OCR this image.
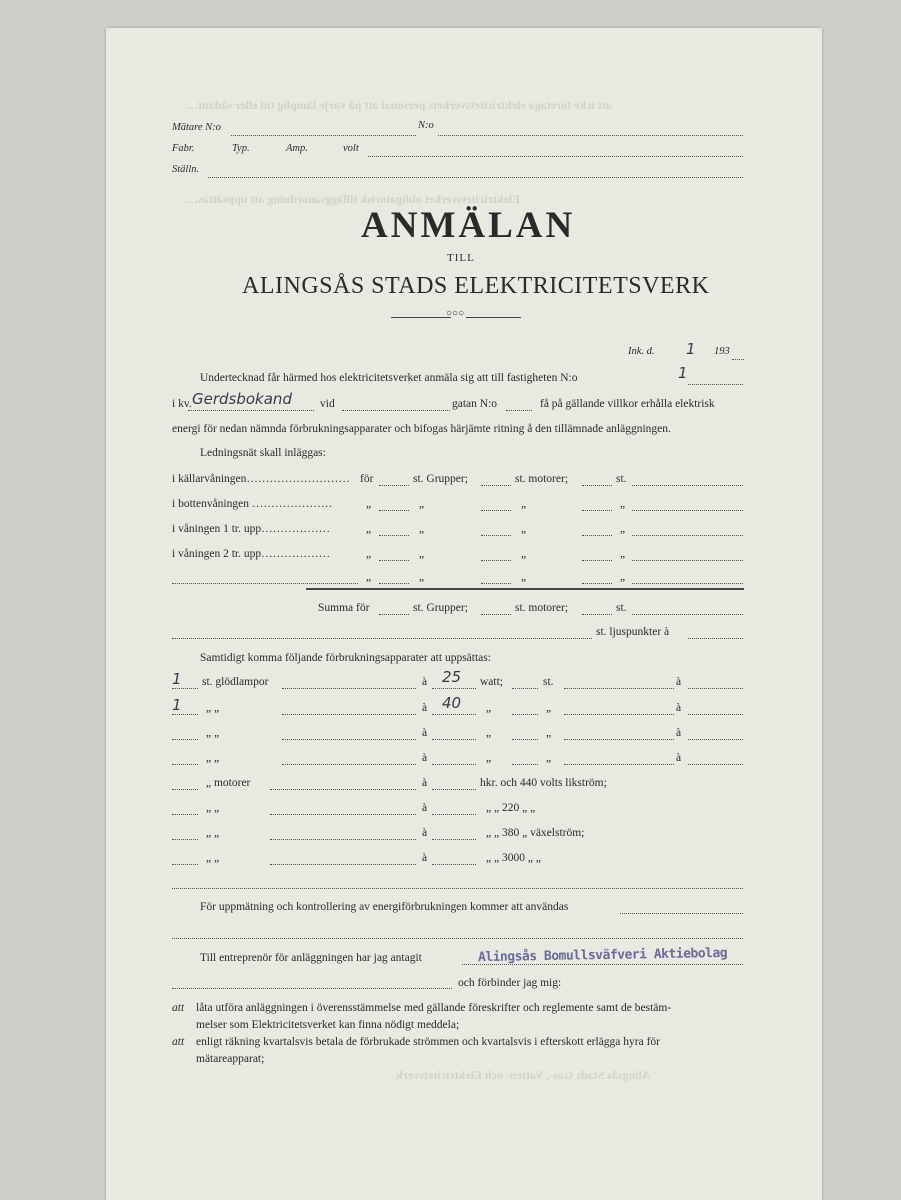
att icke företaga elektricitetsverkets personal att på varje lämplig tid eller sådant…
Elektricitetsverket obligatorisk tilläggsanordning att uppsättas…
Mätare N:o	N:o
Fabr.	Typ.	Amp.	volt
Ställn.
ANMÄLAN
TILL
ALINGSÅS STADS ELEKTRICITETSVERK
○○○
Ink. d. 1 193
Undertecknad får härmed hos elektricitetsverket anmäla sig att till fastigheten N:o	1
i kv. Gerdsbokand vid	gatan N:o	få på gällande villkor erhålla elektrisk
energi för nedan nämnda förbrukningsapparater och bifogas härjämte ritning å den tillämnade anläggningen.
Ledningsnät skall inläggas:
i källarvåningen……………………… för	st. Grupper;	st. motorer;	st.
i bottenvåningen …………………	„	„	„	„
i våningen 1 tr. upp………………	„	„	„	„
i våningen 2 tr. upp………………	„	„	„	„
„	„	„	„
Summa för	st. Grupper;	st. motorer;	st.
st. ljuspunkter à
Samtidigt komma följande förbrukningsapparater att uppsättas:
1 st. glödlampor	à 25 watt;	st.	à
1 „ „	à 40 „	„	à
„ „	à	„	„	à
„ „	à	„	„	à
„ motorer	à	hkr. och 440 volts likström;
„ „	à	„ „ 220 „ „
„ „	à	„ „ 380 „ växelström;
„ „	à	„ „ 3000 „ „
För uppmätning och kontrollering av energiförbrukningen kommer att användas
Till entreprenör för anläggningen har jag antagit	Alingsås Bomullsväfveri Aktiebolag
och förbinder jag mig:
att låta utföra anläggningen i överensstämmelse med gällande föreskrifter och reglemente samt de bestäm-
melser som Elektricitetsverket kan finna nödigt meddela;
att enligt räkning kvartalsvis betala de förbrukade strömmen och kvartalsvis i efterskott erlägga hyra för
mätareapparat;
Alingsås Stads Gas-, Vatten- och Elektricitetsverk
